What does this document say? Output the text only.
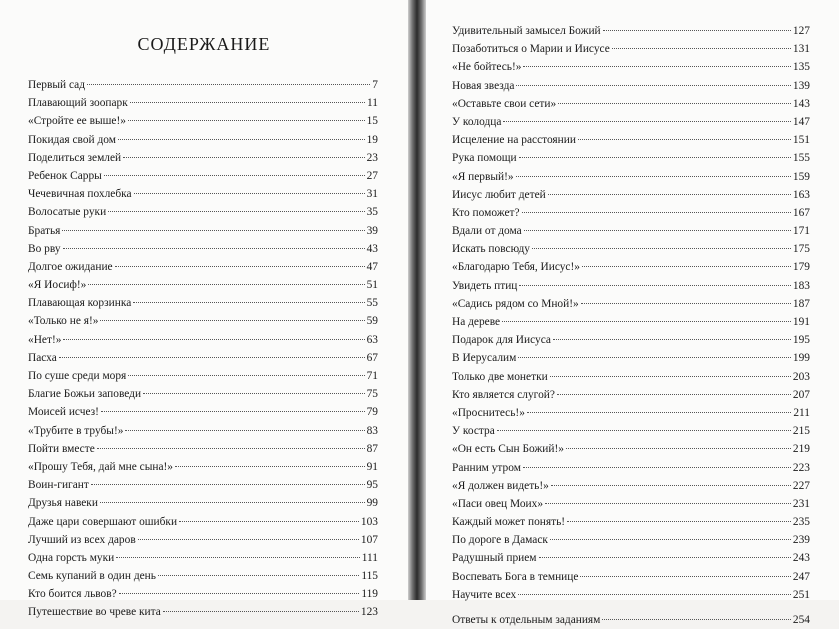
СОДЕРЖАНИЕ
Первый сад	7
Плавающий зоопарк	11
«Стройте ее выше!»	15
Покидая свой дом	19
Поделиться землей	23
Ребенок Сарры	27
Чечевичная похлебка	31
Волосатые руки	35
Братья	39
Во рву	43
Долгое ожидание	47
«Я Иосиф!»	51
Плавающая корзинка	55
«Только не я!»	59
«Нет!»	63
Пасха	67
По суше среди моря	71
Благие Божьи заповеди	75
Моисей исчез!	79
«Трубите в трубы!»	83
Пойти вместе	87
«Прошу Тебя, дай мне сына!»	91
Воин-гигант	95
Друзья навеки	99
Даже цари совершают ошибки	103
Лучший из всех даров	107
Одна горсть муки	111
Семь купаний в один день	115
Кто боится львов?	119
Путешествие во чреве кита	123
Удивительный замысел Божий	127
Позаботиться о Марии и Иисусе	131
«Не бойтесь!»	135
Новая звезда	139
«Оставьте свои сети»	143
У колодца	147
Исцеление на расстоянии	151
Рука помощи	155
«Я первый!»	159
Иисус любит детей	163
Кто поможет?	167
Вдали от дома	171
Искать повсюду	175
«Благодарю Тебя, Иисус!»	179
Увидеть птиц	183
«Садись рядом со Мной!»	187
На дереве	191
Подарок для Иисуса	195
В Иерусалим	199
Только две монетки	203
Кто является слугой?	207
«Проснитесь!»	211
У костра	215
«Он есть Сын Божий!»	219
Ранним утром	223
«Я должен видеть!»	227
«Паси овец Моих»	231
Каждый может понять!	235
По дороге в Дамаск	239
Радушный прием	243
Воспевать Бога в темнице	247
Научите всех	251
Ответы к отдельным заданиям	254
